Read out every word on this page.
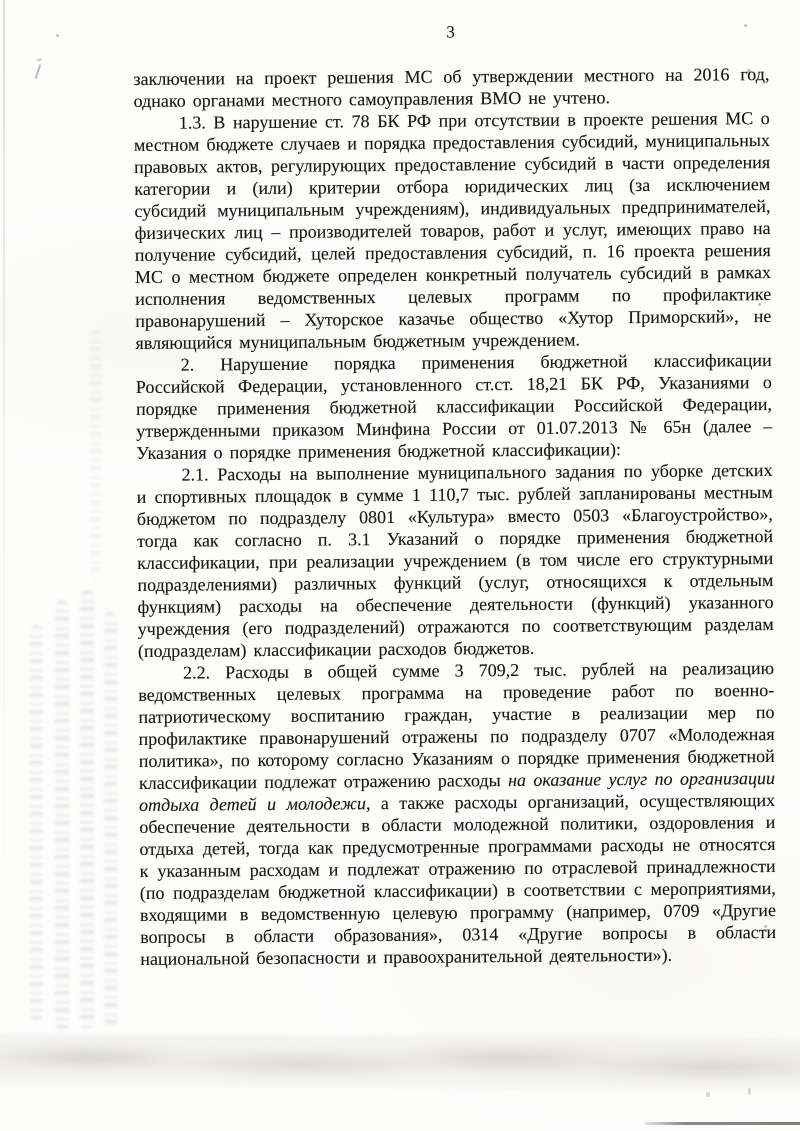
3

заключении на проект решения МС об утверждении местного на 2016 год, однако органами местного самоуправления ВМО не учтено.

1.3. В нарушение ст. 78 БК РФ при отсутствии в проекте решения МС о местном бюджете случаев и порядка предоставления субсидий, муниципальных правовых актов, регулирующих предоставление субсидий в части определения категории и (или) критерии отбора юридических лиц (за исключением субсидий муниципальным учреждениям), индивидуальных предпринимателей, физических лиц – производителей товаров, работ и услуг, имеющих право на получение субсидий, целей предоставления субсидий, п. 16 проекта решения МС о местном бюджете определен конкретный получатель субсидий в рамках исполнения ведомственных целевых программ по профилактике правонарушений – Хуторское казачье общество «Хутор Приморский», не являющийся муниципальным бюджетным учреждением.

2. Нарушение порядка применения бюджетной классификации Российской Федерации, установленного ст.ст. 18,21 БК РФ, Указаниями о порядке применения бюджетной классификации Российской Федерации, утвержденными приказом Минфина России от 01.07.2013 № 65н (далее – Указания о порядке применения бюджетной классификации):

2.1. Расходы на выполнение муниципального задания по уборке детских и спортивных площадок в сумме 1 110,7 тыс. рублей запланированы местным бюджетом по подразделу 0801 «Культура» вместо 0503 «Благоустройство», тогда как согласно п. 3.1 Указаний о порядке применения бюджетной классификации, при реализации учреждением (в том числе его структурными подразделениями) различных функций (услуг, относящихся к отдельным функциям) расходы на обеспечение деятельности (функций) указанного учреждения (его подразделений) отражаются по соответствующим разделам (подразделам) классификации расходов бюджетов.

2.2. Расходы в общей сумме 3 709,2 тыс. рублей на реализацию ведомственных целевых программа на проведение работ по военно-патриотическому воспитанию граждан, участие в реализации мер по профилактике правонарушений отражены по подразделу 0707 «Молодежная политика», по которому согласно Указаниям о порядке применения бюджетной классификации подлежат отражению расходы на оказание услуг по организации отдыха детей и молодежи, а также расходы организаций, осуществляющих обеспечение деятельности в области молодежной политики, оздоровления и отдыха детей, тогда как предусмотренные программами расходы не относятся к указанным расходам и подлежат отражению по отраслевой принадлежности (по подразделам бюджетной классификации) в соответствии с мероприятиями, входящими в ведомственную целевую программу (например, 0709 «Другие вопросы в области образования», 0314 «Другие вопросы в области национальной безопасности и правоохранительной деятельности»).
